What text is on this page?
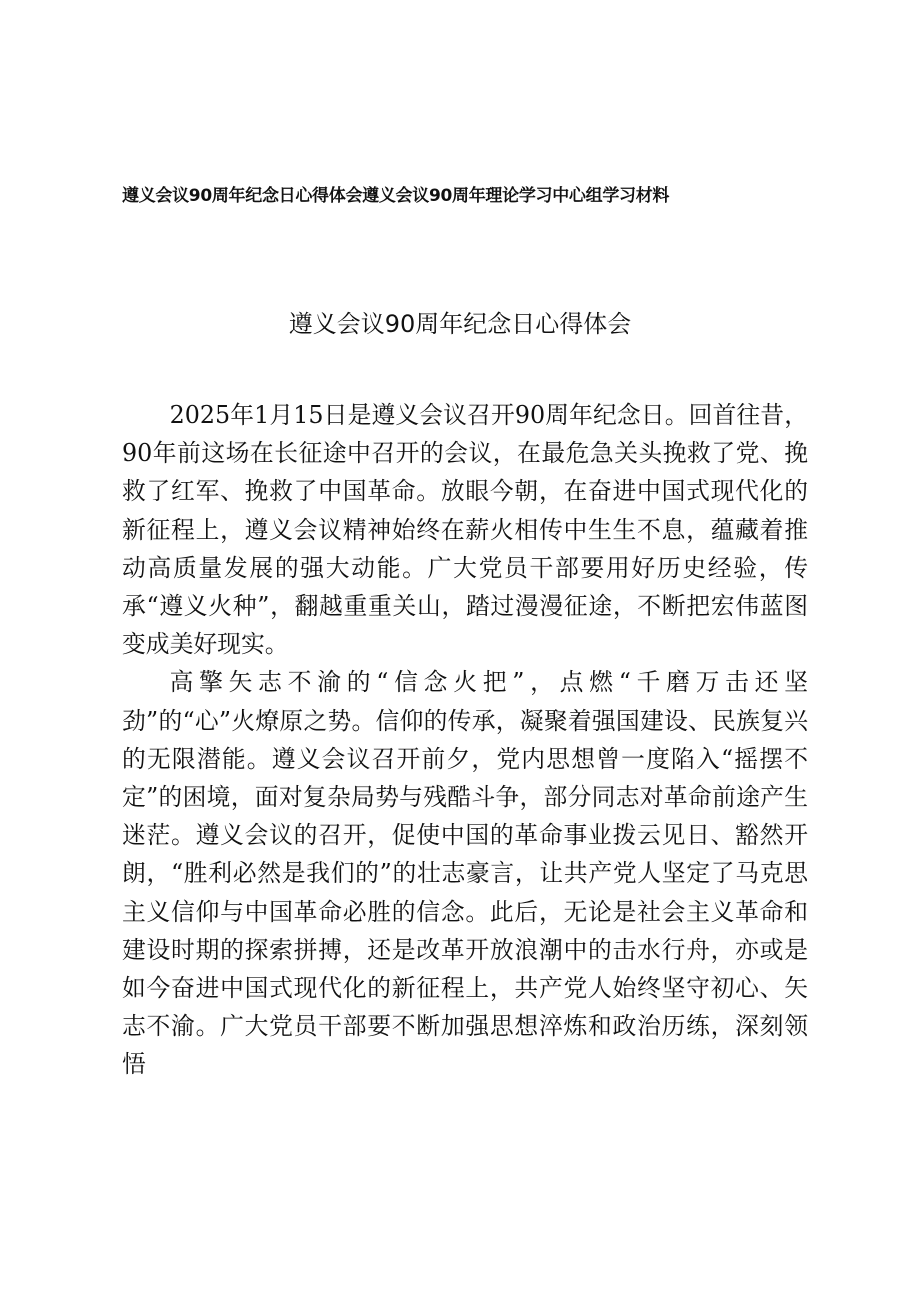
遵义会议90周年纪念日心得体会遵义会议90周年理论学习中心组学习材料
遵义会议90周年纪念日心得体会

2025年1月15日是遵义会议召开90周年纪念日。回首往昔，90年前这场在长征途中召开的会议，在最危急关头挽救了党、挽救了红军、挽救了中国革命。放眼今朝，在奋进中国式现代化的新征程上，遵义会议精神始终在薪火相传中生生不息，蕴藏着推动高质量发展的强大动能。广大党员干部要用好历史经验，传承“遵义火种”，翻越重重关山，踏过漫漫征途，不断把宏伟蓝图变成美好现实。

高擎矢志不渝的“信念火把”，点燃“千磨万击还坚劲”的“心”火燎原之势。信仰的传承，凝聚着强国建设、民族复兴的无限潜能。遵义会议召开前夕，党内思想曾一度陷入“摇摆不定”的困境，面对复杂局势与残酷斗争，部分同志对革命前途产生迷茫。遵义会议的召开，促使中国的革命事业拨云见日、豁然开朗，“胜利必然是我们的”的壮志豪言，让共产党人坚定了马克思主义信仰与中国革命必胜的信念。此后，无论是社会主义革命和建设时期的探索拼搏，还是改革开放浪潮中的击水行舟，亦或是如今奋进中国式现代化的新征程上，共产党人始终坚守初心、矢志不渝。广大党员干部要不断加强思想淬炼和政治历练，深刻领悟
